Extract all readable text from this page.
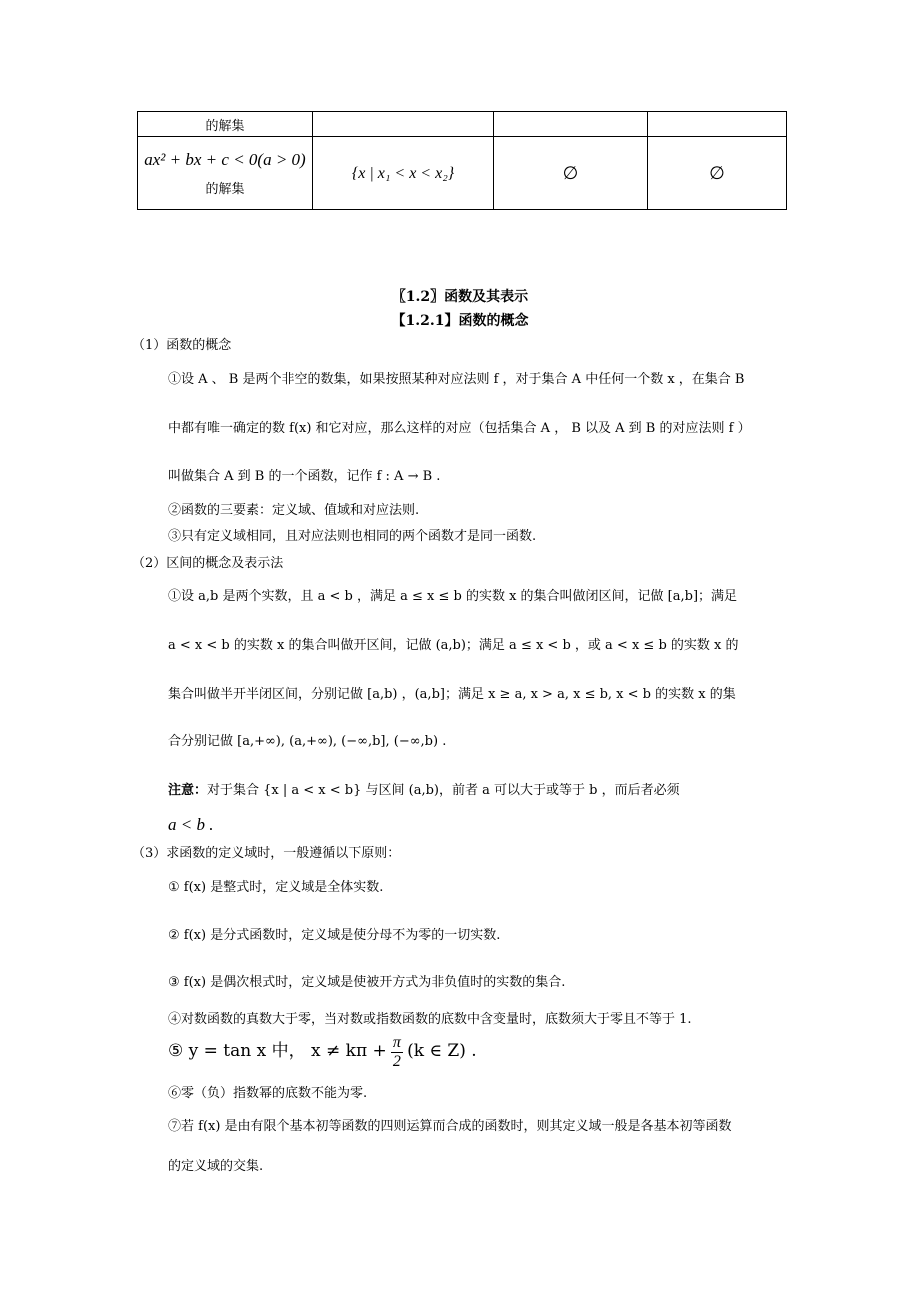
的解集			

ax² + bx + c < 0(a > 0)
的解集	{x | x₁ < x < x₂}	∅	∅
〖1.2〗函数及其表示
【1.2.1】函数的概念
（1）函数的概念
①设 A 、 B 是两个非空的数集，如果按照某种对应法则 f ，对于集合 A 中任何一个数 x ，在集合 B
中都有唯一确定的数 f(x) 和它对应，那么这样的对应（包括集合 A ， B 以及 A 到 B 的对应法则 f ）
叫做集合 A 到 B 的一个函数，记作 f : A → B .
②函数的三要素：定义域、值域和对应法则.
③只有定义域相同，且对应法则也相同的两个函数才是同一函数.
（2）区间的概念及表示法
①设 a,b 是两个实数，且 a < b ，满足 a ≤ x ≤ b 的实数 x 的集合叫做闭区间，记做 [a,b]；满足
a < x < b 的实数 x 的集合叫做开区间，记做 (a,b)；满足 a ≤ x < b ，或 a < x ≤ b 的实数 x 的
集合叫做半开半闭区间，分别记做 [a,b) ，(a,b]；满足 x ≥ a, x > a, x ≤ b, x < b 的实数 x 的集
合分别记做 [a,+∞), (a,+∞), (−∞,b], (−∞,b) .
注意：对于集合 {x | a < x < b} 与区间 (a,b)，前者 a 可以大于或等于 b ，而后者必须
a < b .
（3）求函数的定义域时，一般遵循以下原则：
① f(x) 是整式时，定义域是全体实数.
② f(x) 是分式函数时，定义域是使分母不为零的一切实数.
③ f(x) 是偶次根式时，定义域是使被开方式为非负值时的实数的集合.
④对数函数的真数大于零，当对数或指数函数的底数中含变量时，底数须大于零且不等于 1.
⑤ y = tan x 中， $x \ne k\pi + \frac{\pi}{2} (k$ ∈ Z) .
⑥零（负）指数幂的底数不能为零.
⑦若 f(x) 是由有限个基本初等函数的四则运算而合成的函数时，则其定义域一般是各基本初等函数
的定义域的交集.
